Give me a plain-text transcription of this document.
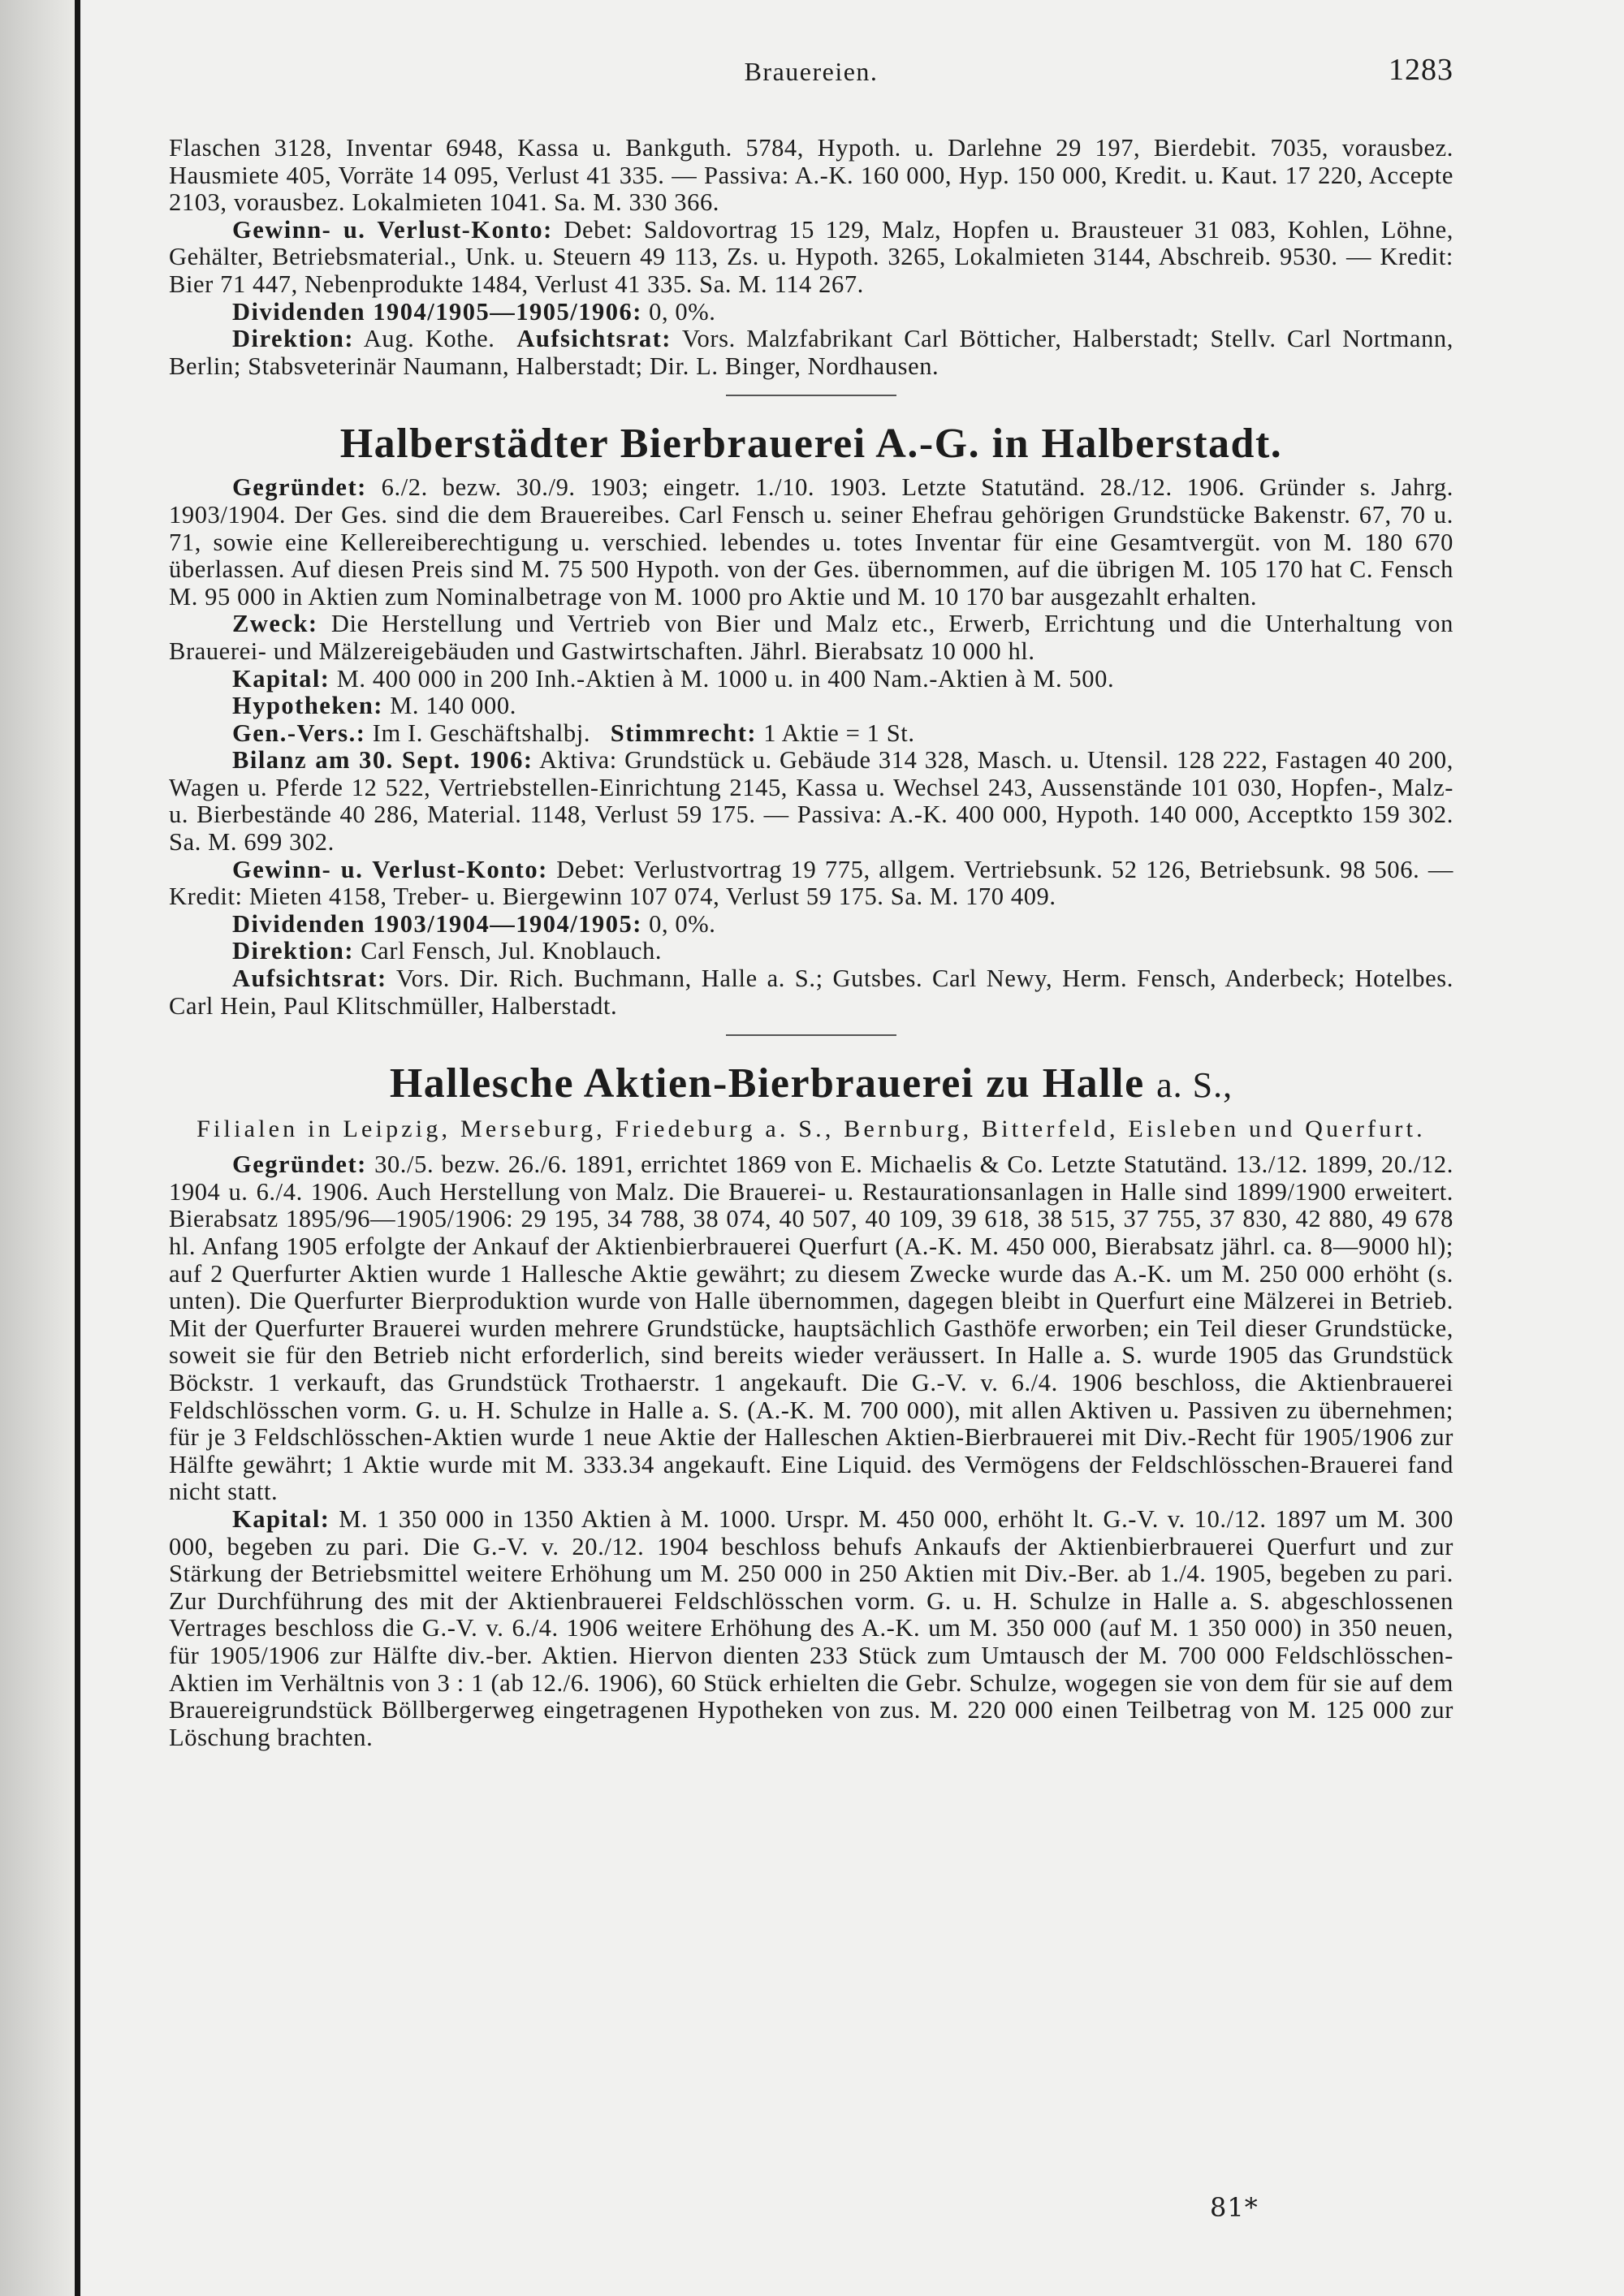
Brauereien.	1283

Flaschen 3128, Inventar 6948, Kassa u. Bankguth. 5784, Hypoth. u. Darlehne 29 197, Bierdebit. 7035, vorausbez. Hausmiete 405, Vorräte 14 095, Verlust 41 335. — Passiva: A.-K. 160 000, Hyp. 150 000, Kredit. u. Kaut. 17 220, Accepte 2103, vorausbez. Lokalmieten 1041. Sa. M. 330 366.

Gewinn- u. Verlust-Konto: Debet: Saldovortrag 15 129, Malz, Hopfen u. Brausteuer 31 083, Kohlen, Löhne, Gehälter, Betriebsmaterial., Unk. u. Steuern 49 113, Zs. u. Hypoth. 3265, Lokalmieten 3144, Abschreib. 9530. — Kredit: Bier 71 447, Nebenprodukte 1484, Verlust 41 335. Sa. M. 114 267.

Dividenden 1904/1905—1905/1906: 0, 0%.

Direktion: Aug. Kothe. Aufsichtsrat: Vors. Malzfabrikant Carl Bötticher, Halberstadt; Stellv. Carl Nortmann, Berlin; Stabsveterinär Naumann, Halberstadt; Dir. L. Binger, Nordhausen.

Halberstädter Bierbrauerei A.-G. in Halberstadt.

Gegründet: 6./2. bezw. 30./9. 1903; eingetr. 1./10. 1903. Letzte Statutänd. 28./12. 1906. Gründer s. Jahrg. 1903/1904. Der Ges. sind die dem Brauereibes. Carl Fensch u. seiner Ehefrau gehörigen Grundstücke Bakenstr. 67, 70 u. 71, sowie eine Kellereiberechtigung u. verschied. lebendes u. totes Inventar für eine Gesamtvergüt. von M. 180 670 überlassen. Auf diesen Preis sind M. 75 500 Hypoth. von der Ges. übernommen, auf die übrigen M. 105 170 hat C. Fensch M. 95 000 in Aktien zum Nominalbetrage von M. 1000 pro Aktie und M. 10 170 bar ausgezahlt erhalten.

Zweck: Die Herstellung und Vertrieb von Bier und Malz etc., Erwerb, Errichtung und die Unterhaltung von Brauerei- und Mälzereigebäuden und Gastwirtschaften. Jährl. Bierabsatz 10 000 hl.

Kapital: M. 400 000 in 200 Inh.-Aktien à M. 1000 u. in 400 Nam.-Aktien à M. 500.

Hypotheken: M. 140 000.

Gen.-Vers.: Im I. Geschäftshalbj. Stimmrecht: 1 Aktie = 1 St.

Bilanz am 30. Sept. 1906: Aktiva: Grundstück u. Gebäude 314 328, Masch. u. Utensil. 128 222, Fastagen 40 200, Wagen u. Pferde 12 522, Vertriebstellen-Einrichtung 2145, Kassa u. Wechsel 243, Aussenstände 101 030, Hopfen-, Malz- u. Bierbestände 40 286, Material. 1148, Verlust 59 175. — Passiva: A.-K. 400 000, Hypoth. 140 000, Acceptkto 159 302. Sa. M. 699 302.

Gewinn- u. Verlust-Konto: Debet: Verlustvortrag 19 775, allgem. Vertriebsunk. 52 126, Betriebsunk. 98 506. — Kredit: Mieten 4158, Treber- u. Biergewinn 107 074, Verlust 59 175. Sa. M. 170 409.

Dividenden 1903/1904—1904/1905: 0, 0%.

Direktion: Carl Fensch, Jul. Knoblauch.

Aufsichtsrat: Vors. Dir. Rich. Buchmann, Halle a. S.; Gutsbes. Carl Newy, Herm. Fensch, Anderbeck; Hotelbes. Carl Hein, Paul Klitschmüller, Halberstadt.

Hallesche Aktien-Bierbrauerei zu Halle a. S.,
Filialen in Leipzig, Merseburg, Friedeburg a. S., Bernburg, Bitterfeld, Eisleben und Querfurt.

Gegründet: 30./5. bezw. 26./6. 1891, errichtet 1869 von E. Michaelis & Co. Letzte Statutänd. 13./12. 1899, 20./12. 1904 u. 6./4. 1906. Auch Herstellung von Malz. Die Brauerei- u. Restaurationsanlagen in Halle sind 1899/1900 erweitert. Bierabsatz 1895/96—1905/1906: 29 195, 34 788, 38 074, 40 507, 40 109, 39 618, 38 515, 37 755, 37 830, 42 880, 49 678 hl. Anfang 1905 erfolgte der Ankauf der Aktienbierbrauerei Querfurt (A.-K. M. 450 000, Bierabsatz jährl. ca. 8—9000 hl); auf 2 Querfurter Aktien wurde 1 Hallesche Aktie gewährt; zu diesem Zwecke wurde das A.-K. um M. 250 000 erhöht (s. unten). Die Querfurter Bierproduktion wurde von Halle übernommen, dagegen bleibt in Querfurt eine Mälzerei in Betrieb. Mit der Querfurter Brauerei wurden mehrere Grundstücke, hauptsächlich Gasthöfe erworben; ein Teil dieser Grundstücke, soweit sie für den Betrieb nicht erforderlich, sind bereits wieder veräussert. In Halle a. S. wurde 1905 das Grundstück Böckstr. 1 verkauft, das Grundstück Trothaerstr. 1 angekauft. Die G.-V. v. 6./4. 1906 beschloss, die Aktienbrauerei Feldschlösschen vorm. G. u. H. Schulze in Halle a. S. (A.-K. M. 700 000), mit allen Aktiven u. Passiven zu übernehmen; für je 3 Feldschlösschen-Aktien wurde 1 neue Aktie der Halleschen Aktien-Bierbrauerei mit Div.-Recht für 1905/1906 zur Hälfte gewährt; 1 Aktie wurde mit M. 333.34 angekauft. Eine Liquid. des Vermögens der Feldschlösschen-Brauerei fand nicht statt.

Kapital: M. 1 350 000 in 1350 Aktien à M. 1000. Urspr. M. 450 000, erhöht lt. G.-V. v. 10./12. 1897 um M. 300 000, begeben zu pari. Die G.-V. v. 20./12. 1904 beschloss behufs Ankaufs der Aktienbierbrauerei Querfurt und zur Stärkung der Betriebsmittel weitere Erhöhung um M. 250 000 in 250 Aktien mit Div.-Ber. ab 1./4. 1905, begeben zu pari. Zur Durchführung des mit der Aktienbrauerei Feldschlösschen vorm. G. u. H. Schulze in Halle a. S. abgeschlossenen Vertrages beschloss die G.-V. v. 6./4. 1906 weitere Erhöhung des A.-K. um M. 350 000 (auf M. 1 350 000) in 350 neuen, für 1905/1906 zur Hälfte div.-ber. Aktien. Hiervon dienten 233 Stück zum Umtausch der M. 700 000 Feldschlösschen-Aktien im Verhältnis von 3 : 1 (ab 12./6. 1906), 60 Stück erhielten die Gebr. Schulze, wogegen sie von dem für sie auf dem Brauereigrundstück Böllbergerweg eingetragenen Hypotheken von zus. M. 220 000 einen Teilbetrag von M. 125 000 zur Löschung brachten.

81*
